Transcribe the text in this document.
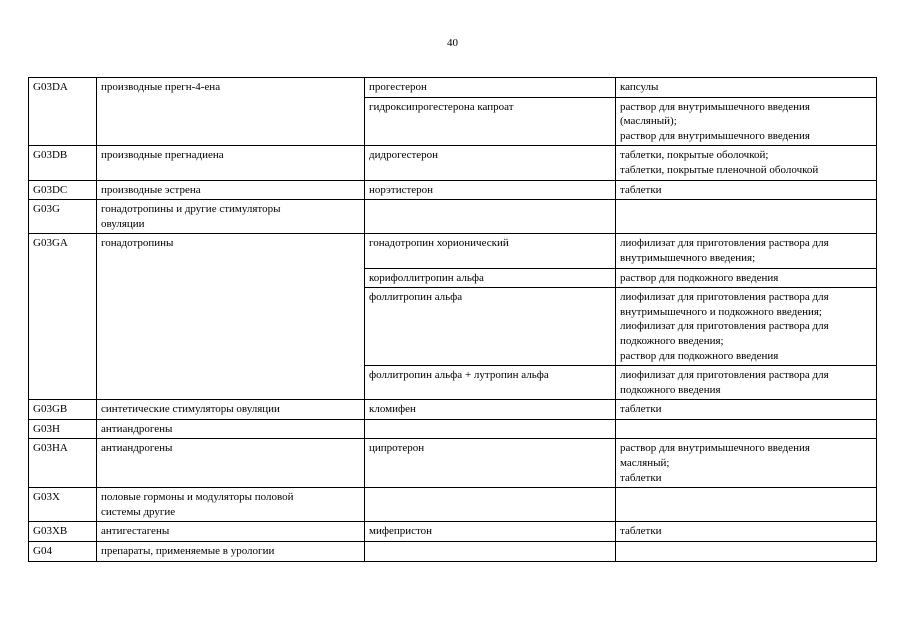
40
G03DA	производные прегн-4-ена	прогестерон	капсулы

		гидроксипрогестерона капроат	раствор для внутримышечного введения
(масляный);
раствор для внутримышечного введения

G03DB	производные прегнадиена	дидрогестерон	таблетки, покрытые оболочкой;
таблетки, покрытые пленочной оболочкой

G03DC	производные эстрена	норэтистерон	таблетки

G03G	гонадотропины и другие стимуляторы
овуляции		

G03GA	гонадотропины	гонадотропин хорионический	лиофилизат для приготовления раствора для
внутримышечного введения;

		корифоллитропин альфа	раствор для подкожного введения

		фоллитропин альфа	лиофилизат для приготовления раствора для
внутримышечного и подкожного введения;
лиофилизат для приготовления раствора для
подкожного введения;
раствор для подкожного введения

		фоллитропин альфа + лутропин альфа	лиофилизат для приготовления раствора для
подкожного введения

G03GB	синтетические стимуляторы овуляции	кломифен	таблетки

G03H	антиандрогены		
G03HA	антиандрогены	ципротерон	раствор для внутримышечного введения
масляный;
таблетки

G03X	половые гормоны и модуляторы половой
системы другие		

G03XB	антигестагены	мифепристон	таблетки

G04	препараты, применяемые в урологии		
